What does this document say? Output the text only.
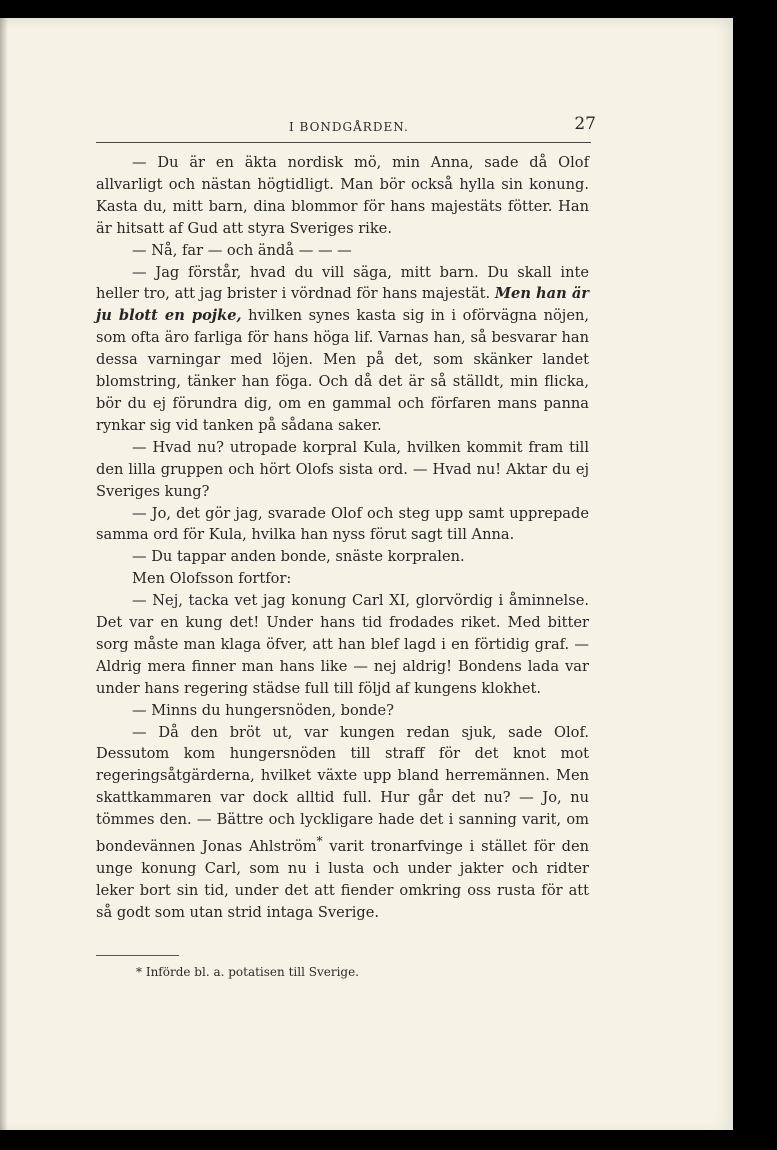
I BONDGÅRDEN.	27

— Du är en äkta nordisk mö, min Anna, sade då Olof allvarligt och nästan högtidligt. Man bör också hylla sin konung. Kasta du, mitt barn, dina blommor för hans majestäts fötter. Han är hitsatt af Gud att styra Sveriges rike.

— Nå, far — och ändå — — —

— Jag förstår, hvad du vill säga, mitt barn. Du skall inte heller tro, att jag brister i vördnad för hans majestät. Men han är ju blott en pojke, hvilken synes kasta sig in i oförvägna nöjen, som ofta äro farliga för hans höga lif. Varnas han, så besvarar han dessa varningar med löjen. Men på det, som skänker landet blomstring, tänker han föga. Och då det är så ställdt, min flicka, bör du ej förundra dig, om en gammal och förfaren mans panna rynkar sig vid tanken på sådana saker.

— Hvad nu? utropade korpral Kula, hvilken kommit fram till den lilla gruppen och hört Olofs sista ord. — Hvad nu! Aktar du ej Sveriges kung?

— Jo, det gör jag, svarade Olof och steg upp samt upprepade samma ord för Kula, hvilka han nyss förut sagt till Anna.

— Du tappar anden bonde, snäste korpralen.

Men Olofsson fortfor:

— Nej, tacka vet jag konung Carl XI, glorvördig i åminnelse. Det var en kung det! Under hans tid frodades riket. Med bitter sorg måste man klaga öfver, att han blef lagd i en förtidig graf. — Aldrig mera finner man hans like — nej aldrig! Bondens lada var under hans regering städse full till följd af kungens klokhet.

— Minns du hungersnöden, bonde?

— Då den bröt ut, var kungen redan sjuk, sade Olof. Dessutom kom hungersnöden till straff för det knot mot regeringsåtgärderna, hvilket växte upp bland herremännen. Men skattkammaren var dock alltid full. Hur går det nu? — Jo, nu tömmes den. — Bättre och lyckligare hade det i sanning varit, om bondevännen Jonas Ahlström* varit tronarfvinge i stället för den unge konung Carl, som nu i lusta och under jakter och ridter leker bort sin tid, under det att fiender omkring oss rusta för att så godt som utan strid intaga Sverige.

* Införde bl. a. potatisen till Sverige.
